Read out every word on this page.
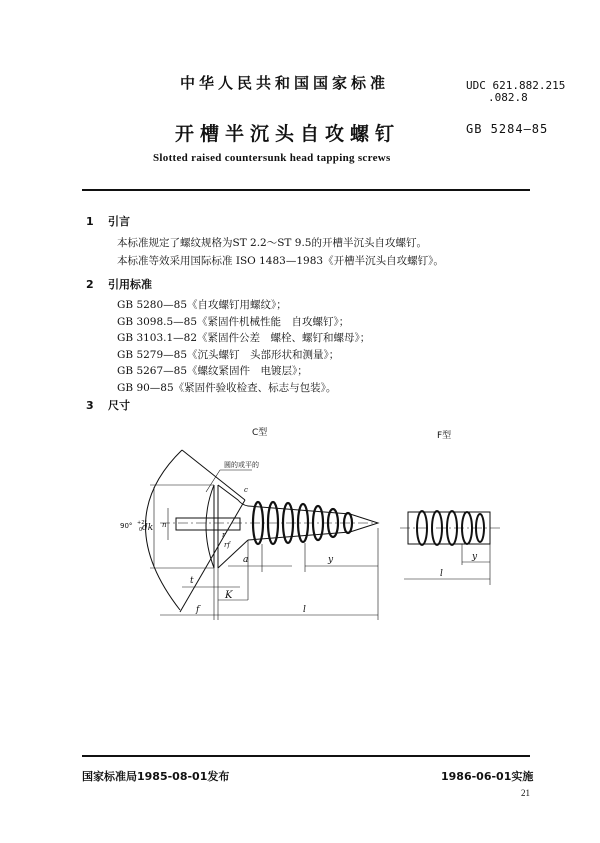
中华人民共和国国家标准	UDC 621.882.215
.082.8
开槽半沉头自攻螺钉	GB 5284—85
Slotted raised countersunk head tapping screws
1 引言
本标准规定了螺纹规格为ST 2.2～ST 9.5的开槽半沉头自攻螺钉。
本标准等效采用国际标准 ISO 1483—1983《开槽半沉头自攻螺钉》。
2 引用标准
GB 5280—85《自攻螺钉用螺纹》；
GB 3098.5—85《紧固件机械性能　自攻螺钉》；
GB 3103.1—82《紧固件公差　螺栓、螺钉和螺母》；
GB 5279—85《沉头螺钉　头部形状和测量》；
GB 5267—85《螺纹紧固件　电镀层》；
GB 90—85《紧固件验收检查、标志与包装》。
3 尺寸
C型	F型
dk n
r
rf
c
a	y
t
K
f	l
圆的或平的
90° +2°
0
y
l
国家标准局1985-08-01发布	1986-06-01实施
21
